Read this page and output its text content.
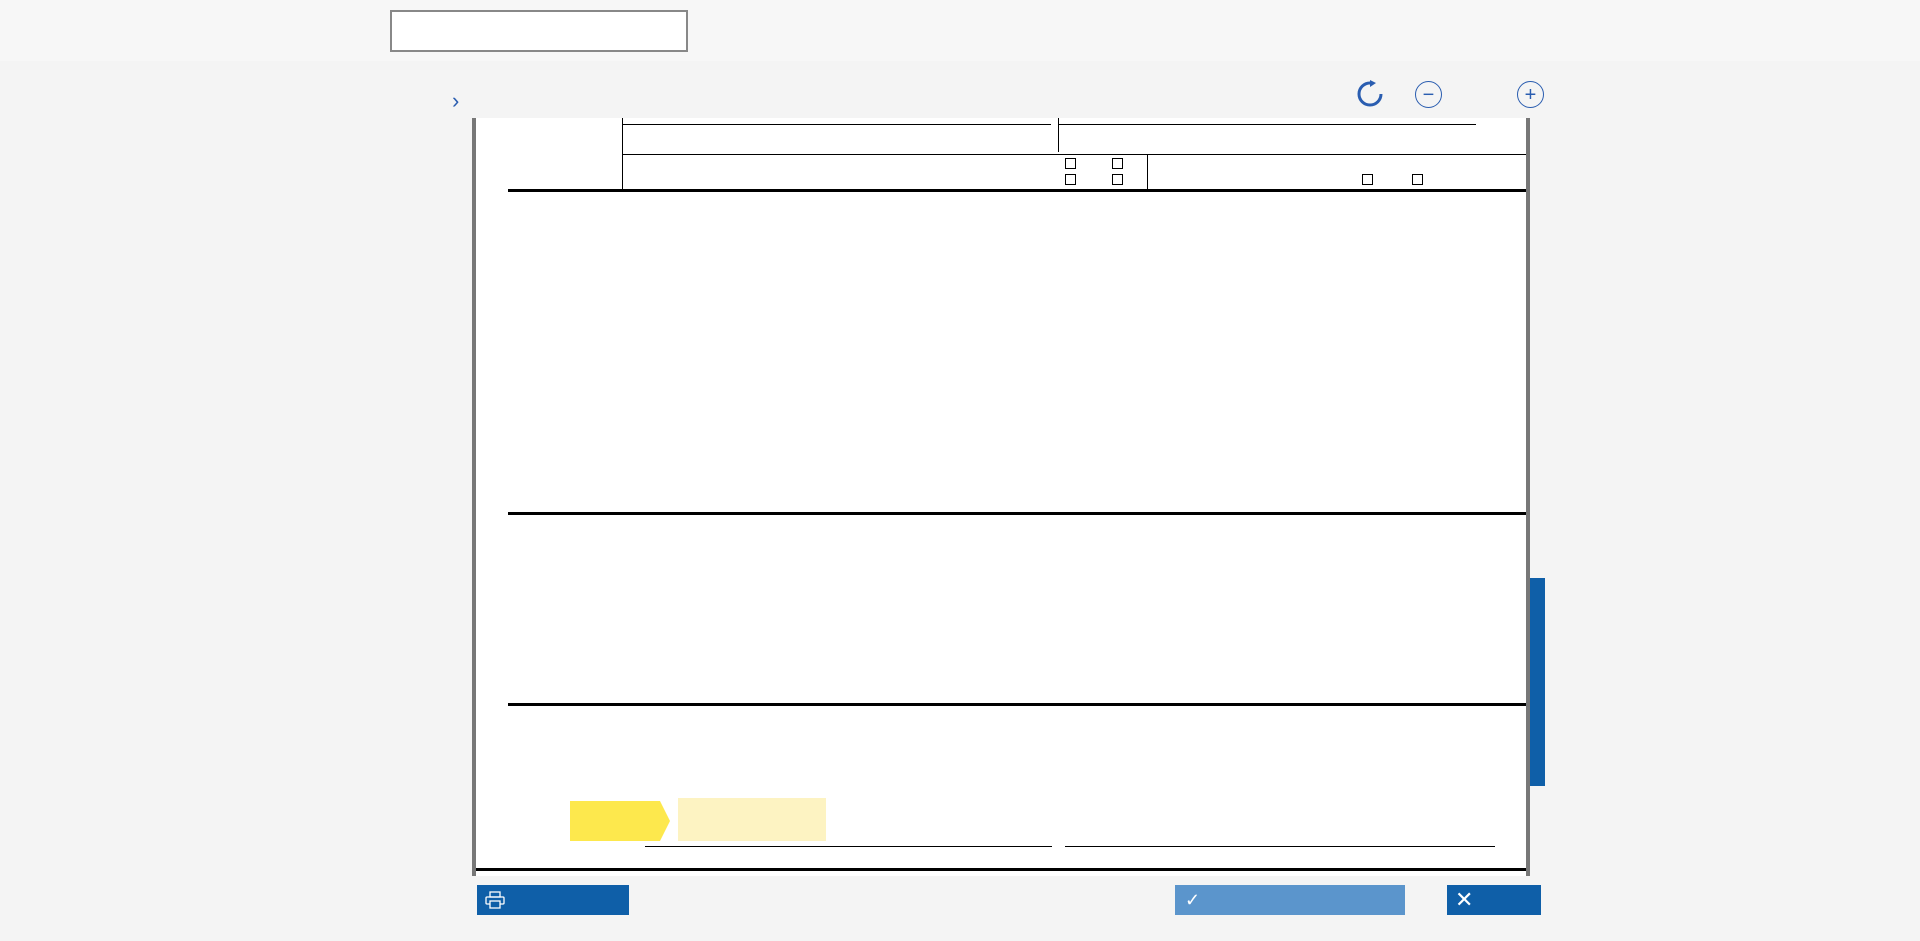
›	−	+
✓	✕
